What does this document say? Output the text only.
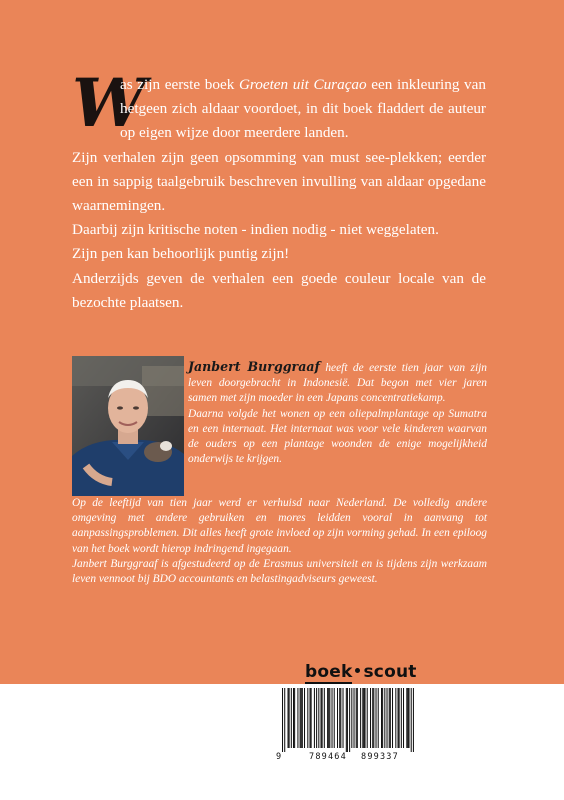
W
as zijn eerste boek Groeten uit Curaçao een inkleuring van hetgeen zich aldaar voordoet, in dit boek fladdert de auteur op eigen wijze door meerdere landen.

Zijn verhalen zijn geen opsomming van must see-plekken; eerder een in sappig taalgebruik beschreven invulling van aldaar opgedane waarnemingen.

Daarbij zijn kritische noten - indien nodig - niet weggelaten.

Zijn pen kan behoorlijk puntig zijn!

Anderzijds geven de verhalen een goede couleur locale van de bezochte plaatsen.

Janbert Burggraaf heeft de eerste tien jaar van zijn leven doorgebracht in Indonesië. Dat begon met vier jaren samen met zijn moeder in een Japans concentratiekamp.

Daarna volgde het wonen op een oliepalmplantage op Sumatra en een internaat. Het internaat was voor vele kinderen waarvan de ouders op een plantage woonden de enige mogelijkheid onderwijs te krijgen.

Op de leeftijd van tien jaar werd er verhuisd naar Nederland. De volledig andere omgeving met andere gebruiken en mores leidden vooral in aanvang tot aanpassingsproblemen. Dit alles heeft grote invloed op zijn vorming gehad. In een epiloog van het boek wordt hierop indringend ingegaan.

Janbert Burggraaf is afgestudeerd op de Erasmus universiteit en is tijdens zijn werkzaam leven vennoot bij BDO accountants en belastingadviseurs geweest.

boek scout
9	789464 899337
